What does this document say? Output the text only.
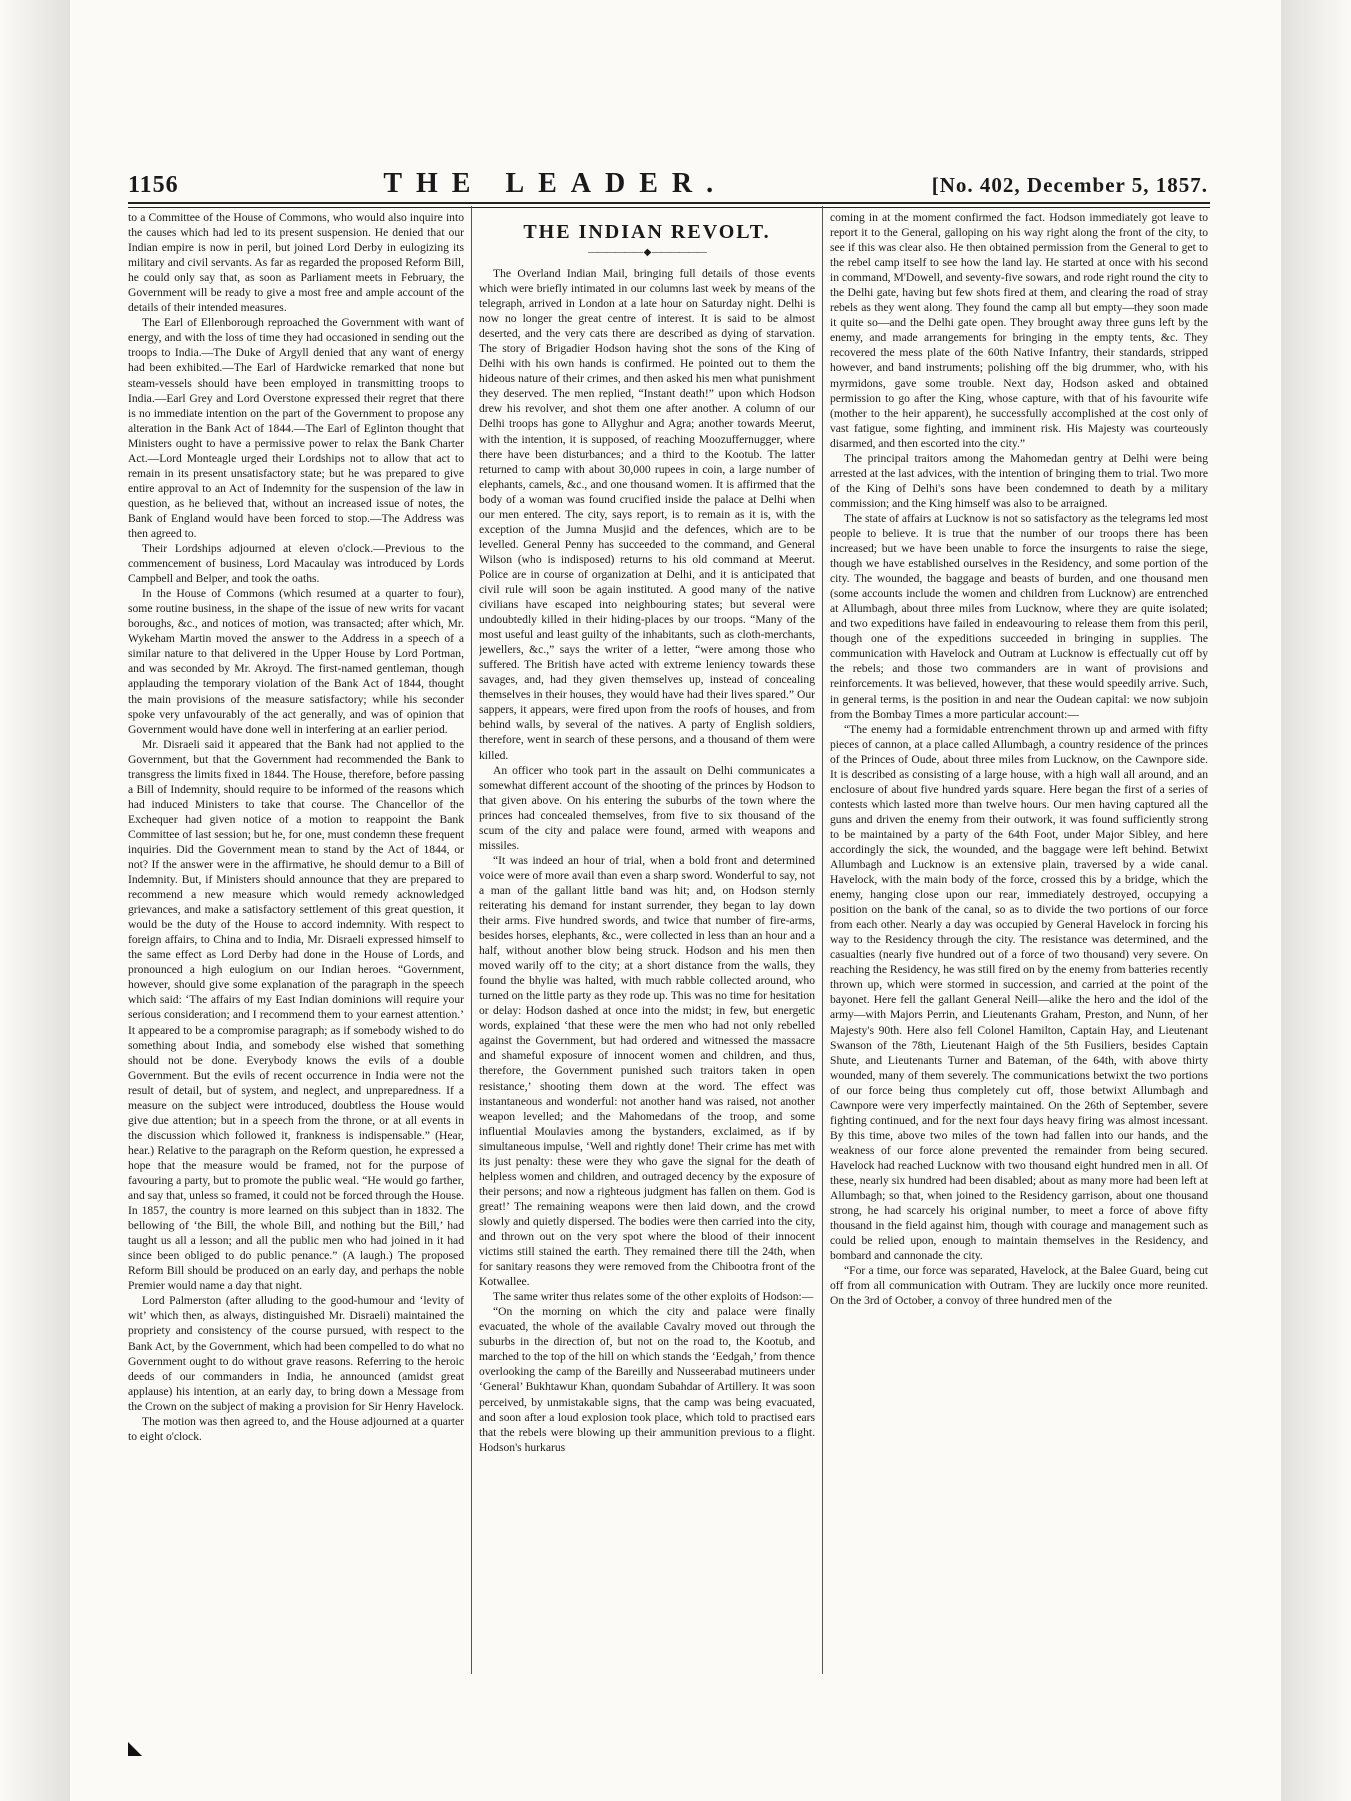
1156	THE LEADER.	[No. 402, December 5, 1857.

to a Committee of the House of Commons, who would also inquire into the causes which had led to its present suspension. He denied that our Indian empire is now in peril, but joined Lord Derby in eulogizing its military and civil servants. As far as regarded the proposed Reform Bill, he could only say that, as soon as Parliament meets in February, the Government will be ready to give a most free and ample account of the details of their intended measures.

The Earl of Ellenborough reproached the Government with want of energy, and with the loss of time they had occasioned in sending out the troops to India.—The Duke of Argyll denied that any want of energy had been exhibited.—The Earl of Hardwicke remarked that none but steam-vessels should have been employed in transmitting troops to India.—Earl Grey and Lord Overstone expressed their regret that there is no immediate intention on the part of the Government to propose any alteration in the Bank Act of 1844.—The Earl of Eglinton thought that Ministers ought to have a permissive power to relax the Bank Charter Act.—Lord Monteagle urged their Lordships not to allow that act to remain in its present unsatisfactory state; but he was prepared to give entire approval to an Act of Indemnity for the suspension of the law in question, as he believed that, without an increased issue of notes, the Bank of England would have been forced to stop.—The Address was then agreed to.

Their Lordships adjourned at eleven o'clock.—Previous to the commencement of business, Lord Macaulay was introduced by Lords Campbell and Belper, and took the oaths.

In the House of Commons (which resumed at a quarter to four), some routine business, in the shape of the issue of new writs for vacant boroughs, &c., and notices of motion, was transacted; after which, Mr. Wykeham Martin moved the answer to the Address in a speech of a similar nature to that delivered in the Upper House by Lord Portman, and was seconded by Mr. Akroyd. The first-named gentleman, though applauding the temporary violation of the Bank Act of 1844, thought the main provisions of the measure satisfactory; while his seconder spoke very unfavourably of the act generally, and was of opinion that Government would have done well in interfering at an earlier period.

Mr. Disraeli said it appeared that the Bank had not applied to the Government, but that the Government had recommended the Bank to transgress the limits fixed in 1844. The House, therefore, before passing a Bill of Indemnity, should require to be informed of the reasons which had induced Ministers to take that course. The Chancellor of the Exchequer had given notice of a motion to reappoint the Bank Committee of last session; but he, for one, must condemn these frequent inquiries. Did the Government mean to stand by the Act of 1844, or not? If the answer were in the affirmative, he should demur to a Bill of Indemnity. But, if Ministers should announce that they are prepared to recommend a new measure which would remedy acknowledged grievances, and make a satisfactory settlement of this great question, it would be the duty of the House to accord indemnity. With respect to foreign affairs, to China and to India, Mr. Disraeli expressed himself to the same effect as Lord Derby had done in the House of Lords, and pronounced a high eulogium on our Indian heroes. “Government, however, should give some explanation of the paragraph in the speech which said: ‘The affairs of my East Indian dominions will require your serious consideration; and I recommend them to your earnest attention.’ It appeared to be a compromise paragraph; as if somebody wished to do something about India, and somebody else wished that something should not be done. Everybody knows the evils of a double Government. But the evils of recent occurrence in India were not the result of detail, but of system, and neglect, and unpreparedness. If a measure on the subject were introduced, doubtless the House would give due attention; but in a speech from the throne, or at all events in the discussion which followed it, frankness is indispensable.” (Hear, hear.) Relative to the paragraph on the Reform question, he expressed a hope that the measure would be framed, not for the purpose of favouring a party, but to promote the public weal. “He would go farther, and say that, unless so framed, it could not be forced through the House. In 1857, the country is more learned on this subject than in 1832. The bellowing of ‘the Bill, the whole Bill, and nothing but the Bill,’ had taught us all a lesson; and all the public men who had joined in it had since been obliged to do public penance.” (A laugh.) The proposed Reform Bill should be produced on an early day, and perhaps the noble Premier would name a day that night.

Lord Palmerston (after alluding to the good-humour and ‘levity of wit’ which then, as always, distinguished Mr. Disraeli) maintained the propriety and consistency of the course pursued, with respect to the Bank Act, by the Government, which had been compelled to do what no Government ought to do without grave reasons. Referring to the heroic deeds of our commanders in India, he announced (amidst great applause) his intention, at an early day, to bring down a Message from the Crown on the subject of making a provision for Sir Henry Havelock.

The motion was then agreed to, and the House adjourned at a quarter to eight o'clock.

THE INDIAN REVOLT.
—————— ◆ ——————

The Overland Indian Mail, bringing full details of those events which were briefly intimated in our columns last week by means of the telegraph, arrived in London at a late hour on Saturday night. Delhi is now no longer the great centre of interest. It is said to be almost deserted, and the very cats there are described as dying of starvation. The story of Brigadier Hodson having shot the sons of the King of Delhi with his own hands is confirmed. He pointed out to them the hideous nature of their crimes, and then asked his men what punishment they deserved. The men replied, “Instant death!” upon which Hodson drew his revolver, and shot them one after another. A column of our Delhi troops has gone to Allyghur and Agra; another towards Meerut, with the intention, it is supposed, of reaching Moozuffernugger, where there have been disturbances; and a third to the Kootub. The latter returned to camp with about 30,000 rupees in coin, a large number of elephants, camels, &c., and one thousand women. It is affirmed that the body of a woman was found crucified inside the palace at Delhi when our men entered. The city, says report, is to remain as it is, with the exception of the Jumna Musjid and the defences, which are to be levelled. General Penny has succeeded to the command, and General Wilson (who is indisposed) returns to his old command at Meerut. Police are in course of organization at Delhi, and it is anticipated that civil rule will soon be again instituted. A good many of the native civilians have escaped into neighbouring states; but several were undoubtedly killed in their hiding-places by our troops. “Many of the most useful and least guilty of the inhabitants, such as cloth-merchants, jewellers, &c.,” says the writer of a letter, “were among those who suffered. The British have acted with extreme leniency towards these savages, and, had they given themselves up, instead of concealing themselves in their houses, they would have had their lives spared.” Our sappers, it appears, were fired upon from the roofs of houses, and from behind walls, by several of the natives. A party of English soldiers, therefore, went in search of these persons, and a thousand of them were killed.

An officer who took part in the assault on Delhi communicates a somewhat different account of the shooting of the princes by Hodson to that given above. On his entering the suburbs of the town where the princes had concealed themselves, from five to six thousand of the scum of the city and palace were found, armed with weapons and missiles.

“It was indeed an hour of trial, when a bold front and determined voice were of more avail than even a sharp sword. Wonderful to say, not a man of the gallant little band was hit; and, on Hodson sternly reiterating his demand for instant surrender, they began to lay down their arms. Five hundred swords, and twice that number of fire-arms, besides horses, elephants, &c., were collected in less than an hour and a half, without another blow being struck. Hodson and his men then moved warily off to the city; at a short distance from the walls, they found the bhylie was halted, with much rabble collected around, who turned on the little party as they rode up. This was no time for hesitation or delay: Hodson dashed at once into the midst; in few, but energetic words, explained ‘that these were the men who had not only rebelled against the Government, but had ordered and witnessed the massacre and shameful exposure of innocent women and children, and thus, therefore, the Government punished such traitors taken in open resistance,’ shooting them down at the word. The effect was instantaneous and wonderful: not another hand was raised, not another weapon levelled; and the Mahomedans of the troop, and some influential Moulavies among the bystanders, exclaimed, as if by simultaneous impulse, ‘Well and rightly done! Their crime has met with its just penalty: these were they who gave the signal for the death of helpless women and children, and outraged decency by the exposure of their persons; and now a righteous judgment has fallen on them. God is great!’ The remaining weapons were then laid down, and the crowd slowly and quietly dispersed. The bodies were then carried into the city, and thrown out on the very spot where the blood of their innocent victims still stained the earth. They remained there till the 24th, when for sanitary reasons they were removed from the Chibootra front of the Kotwallee.

The same writer thus relates some of the other exploits of Hodson:—

“On the morning on which the city and palace were finally evacuated, the whole of the available Cavalry moved out through the suburbs in the direction of, but not on the road to, the Kootub, and marched to the top of the hill on which stands the ‘Eedgah,’ from thence overlooking the camp of the Bareilly and Nusseerabad mutineers under ‘General’ Bukhtawur Khan, quondam Subahdar of Artillery. It was soon perceived, by unmistakable signs, that the camp was being evacuated, and soon after a loud explosion took place, which told to practised ears that the rebels were blowing up their ammunition previous to a flight. Hodson's hurkarus

coming in at the moment confirmed the fact. Hodson immediately got leave to report it to the General, galloping on his way right along the front of the city, to see if this was clear also. He then obtained permission from the General to get to the rebel camp itself to see how the land lay. He started at once with his second in command, M'Dowell, and seventy-five sowars, and rode right round the city to the Delhi gate, having but few shots fired at them, and clearing the road of stray rebels as they went along. They found the camp all but empty—they soon made it quite so—and the Delhi gate open. They brought away three guns left by the enemy, and made arrangements for bringing in the empty tents, &c. They recovered the mess plate of the 60th Native Infantry, their standards, stripped however, and band instruments; polishing off the big drummer, who, with his myrmidons, gave some trouble. Next day, Hodson asked and obtained permission to go after the King, whose capture, with that of his favourite wife (mother to the heir apparent), he successfully accomplished at the cost only of vast fatigue, some fighting, and imminent risk. His Majesty was courteously disarmed, and then escorted into the city.”

The principal traitors among the Mahomedan gentry at Delhi were being arrested at the last advices, with the intention of bringing them to trial. Two more of the King of Delhi's sons have been condemned to death by a military commission; and the King himself was also to be arraigned.

The state of affairs at Lucknow is not so satisfactory as the telegrams led most people to believe. It is true that the number of our troops there has been increased; but we have been unable to force the insurgents to raise the siege, though we have established ourselves in the Residency, and some portion of the city. The wounded, the baggage and beasts of burden, and one thousand men (some accounts include the women and children from Lucknow) are entrenched at Allumbagh, about three miles from Lucknow, where they are quite isolated; and two expeditions have failed in endeavouring to release them from this peril, though one of the expeditions succeeded in bringing in supplies. The communication with Havelock and Outram at Lucknow is effectually cut off by the rebels; and those two commanders are in want of provisions and reinforcements. It was believed, however, that these would speedily arrive. Such, in general terms, is the position in and near the Oudean capital: we now subjoin from the Bombay Times a more particular account:—

“The enemy had a formidable entrenchment thrown up and armed with fifty pieces of cannon, at a place called Allumbagh, a country residence of the princes of the Princes of Oude, about three miles from Lucknow, on the Cawnpore side. It is described as consisting of a large house, with a high wall all around, and an enclosure of about five hundred yards square. Here began the first of a series of contests which lasted more than twelve hours. Our men having captured all the guns and driven the enemy from their outwork, it was found sufficiently strong to be maintained by a party of the 64th Foot, under Major Sibley, and here accordingly the sick, the wounded, and the baggage were left behind. Betwixt Allumbagh and Lucknow is an extensive plain, traversed by a wide canal. Havelock, with the main body of the force, crossed this by a bridge, which the enemy, hanging close upon our rear, immediately destroyed, occupying a position on the bank of the canal, so as to divide the two portions of our force from each other. Nearly a day was occupied by General Havelock in forcing his way to the Residency through the city. The resistance was determined, and the casualties (nearly five hundred out of a force of two thousand) very severe. On reaching the Residency, he was still fired on by the enemy from batteries recently thrown up, which were stormed in succession, and carried at the point of the bayonet. Here fell the gallant General Neill—alike the hero and the idol of the army—with Majors Perrin, and Lieutenants Graham, Preston, and Nunn, of her Majesty's 90th. Here also fell Colonel Hamilton, Captain Hay, and Lieutenant Swanson of the 78th, Lieutenant Haigh of the 5th Fusiliers, besides Captain Shute, and Lieutenants Turner and Bateman, of the 64th, with above thirty wounded, many of them severely. The communications betwixt the two portions of our force being thus completely cut off, those betwixt Allumbagh and Cawnpore were very imperfectly maintained. On the 26th of September, severe fighting continued, and for the next four days heavy firing was almost incessant. By this time, above two miles of the town had fallen into our hands, and the weakness of our force alone prevented the remainder from being secured. Havelock had reached Lucknow with two thousand eight hundred men in all. Of these, nearly six hundred had been disabled; about as many more had been left at Allumbagh; so that, when joined to the Residency garrison, about one thousand strong, he had scarcely his original number, to meet a force of above fifty thousand in the field against him, though with courage and management such as could be relied upon, enough to maintain themselves in the Residency, and bombard and cannonade the city.

“For a time, our force was separated, Havelock, at the Balee Guard, being cut off from all communication with Outram. They are luckily once more reunited. On the 3rd of October, a convoy of three hundred men of the
